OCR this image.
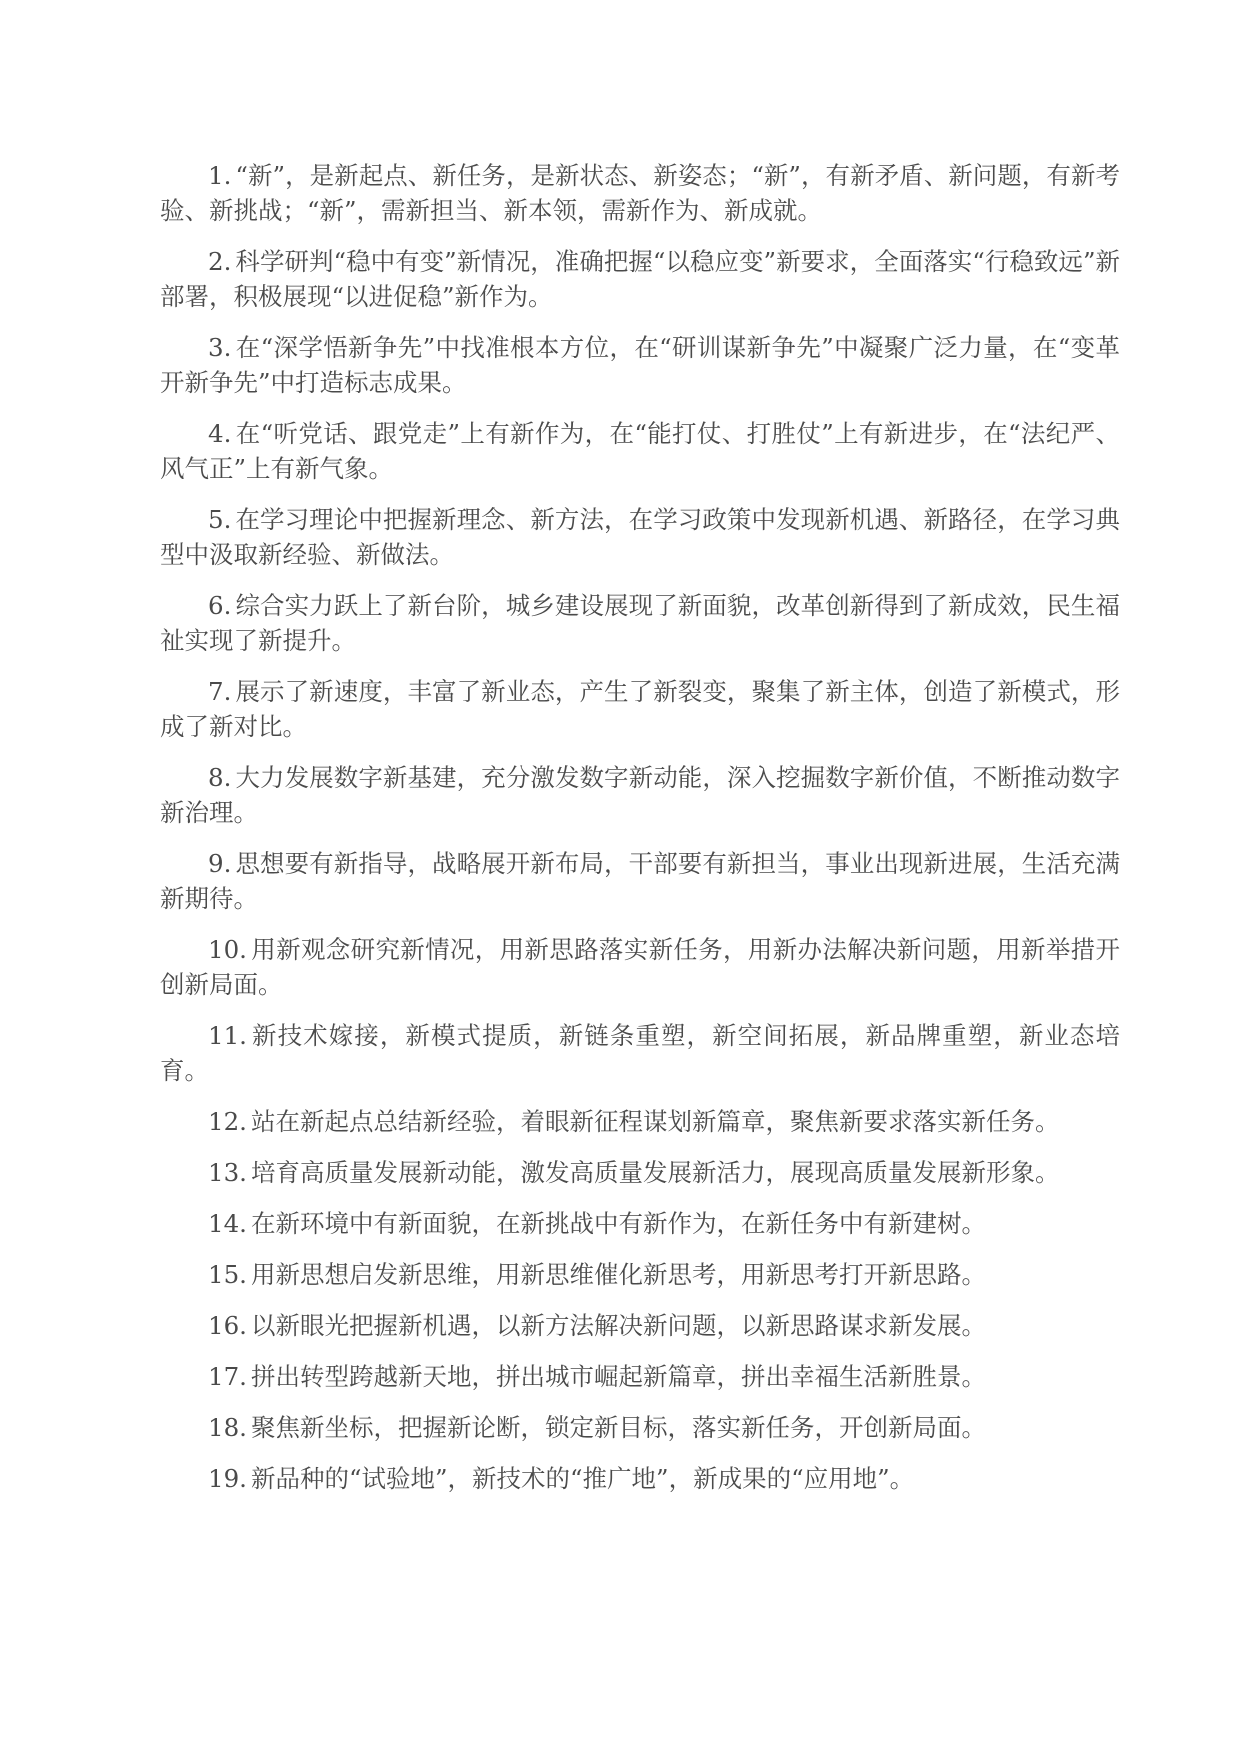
1. “新”，是新起点、新任务，是新状态、新姿态；“新”，有新矛盾、新问题，有新考验、新挑战；“新”，需新担当、新本领，需新作为、新成就。

2. 科学研判“稳中有变”新情况，准确把握“以稳应变”新要求，全面落实“行稳致远”新部署，积极展现“以进促稳”新作为。

3. 在“深学悟新争先”中找准根本方位，在“研训谋新争先”中凝聚广泛力量，在“变革开新争先”中打造标志成果。

4. 在“听党话、跟党走”上有新作为，在“能打仗、打胜仗”上有新进步，在“法纪严、风气正”上有新气象。

5. 在学习理论中把握新理念、新方法，在学习政策中发现新机遇、新路径，在学习典型中汲取新经验、新做法。

6. 综合实力跃上了新台阶，城乡建设展现了新面貌，改革创新得到了新成效，民生福祉实现了新提升。

7. 展示了新速度，丰富了新业态，产生了新裂变，聚集了新主体，创造了新模式，形成了新对比。

8. 大力发展数字新基建，充分激发数字新动能，深入挖掘数字新价值，不断推动数字新治理。

9. 思想要有新指导，战略展开新布局，干部要有新担当，事业出现新进展，生活充满新期待。

10. 用新观念研究新情况，用新思路落实新任务，用新办法解决新问题，用新举措开创新局面。

11. 新技术嫁接，新模式提质，新链条重塑，新空间拓展，新品牌重塑，新业态培育。

12. 站在新起点总结新经验，着眼新征程谋划新篇章，聚焦新要求落实新任务。

13. 培育高质量发展新动能，激发高质量发展新活力，展现高质量发展新形象。

14. 在新环境中有新面貌，在新挑战中有新作为，在新任务中有新建树。

15. 用新思想启发新思维，用新思维催化新思考，用新思考打开新思路。

16. 以新眼光把握新机遇，以新方法解决新问题，以新思路谋求新发展。

17. 拼出转型跨越新天地，拼出城市崛起新篇章，拼出幸福生活新胜景。

18. 聚焦新坐标，把握新论断，锁定新目标，落实新任务，开创新局面。

19. 新品种的“试验地”，新技术的“推广地”，新成果的“应用地”。
